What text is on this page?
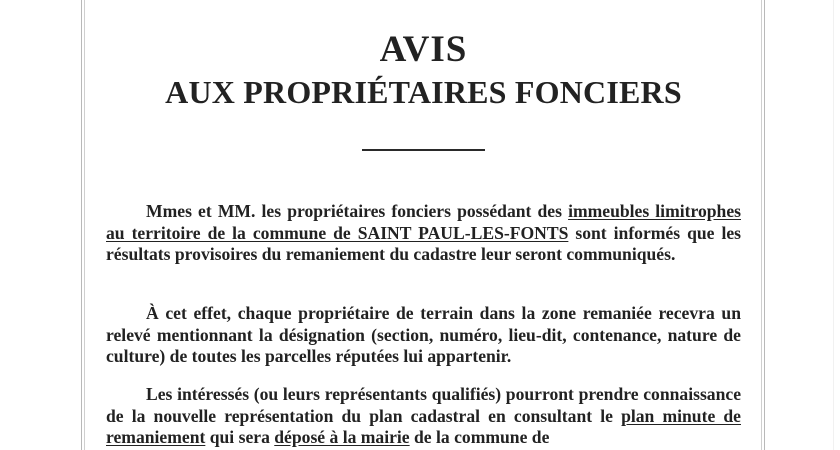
AVIS
AUX PROPRIÉTAIRES FONCIERS

Mmes et MM. les propriétaires fonciers possédant des immeubles limitrophes au territoire de la commune de SAINT PAUL-LES-FONTS sont informés que les résultats provisoires du remaniement du cadastre leur seront communiqués.

À cet effet, chaque propriétaire de terrain dans la zone remaniée recevra un relevé mentionnant la désignation (section, numéro, lieu-dit, contenance, nature de culture) de toutes les parcelles réputées lui appartenir.

Les intéressés (ou leurs représentants qualifiés) pourront prendre connaissance de la nouvelle représentation du plan cadastral en consultant le plan minute de remaniement qui sera déposé à la mairie de la commune de
